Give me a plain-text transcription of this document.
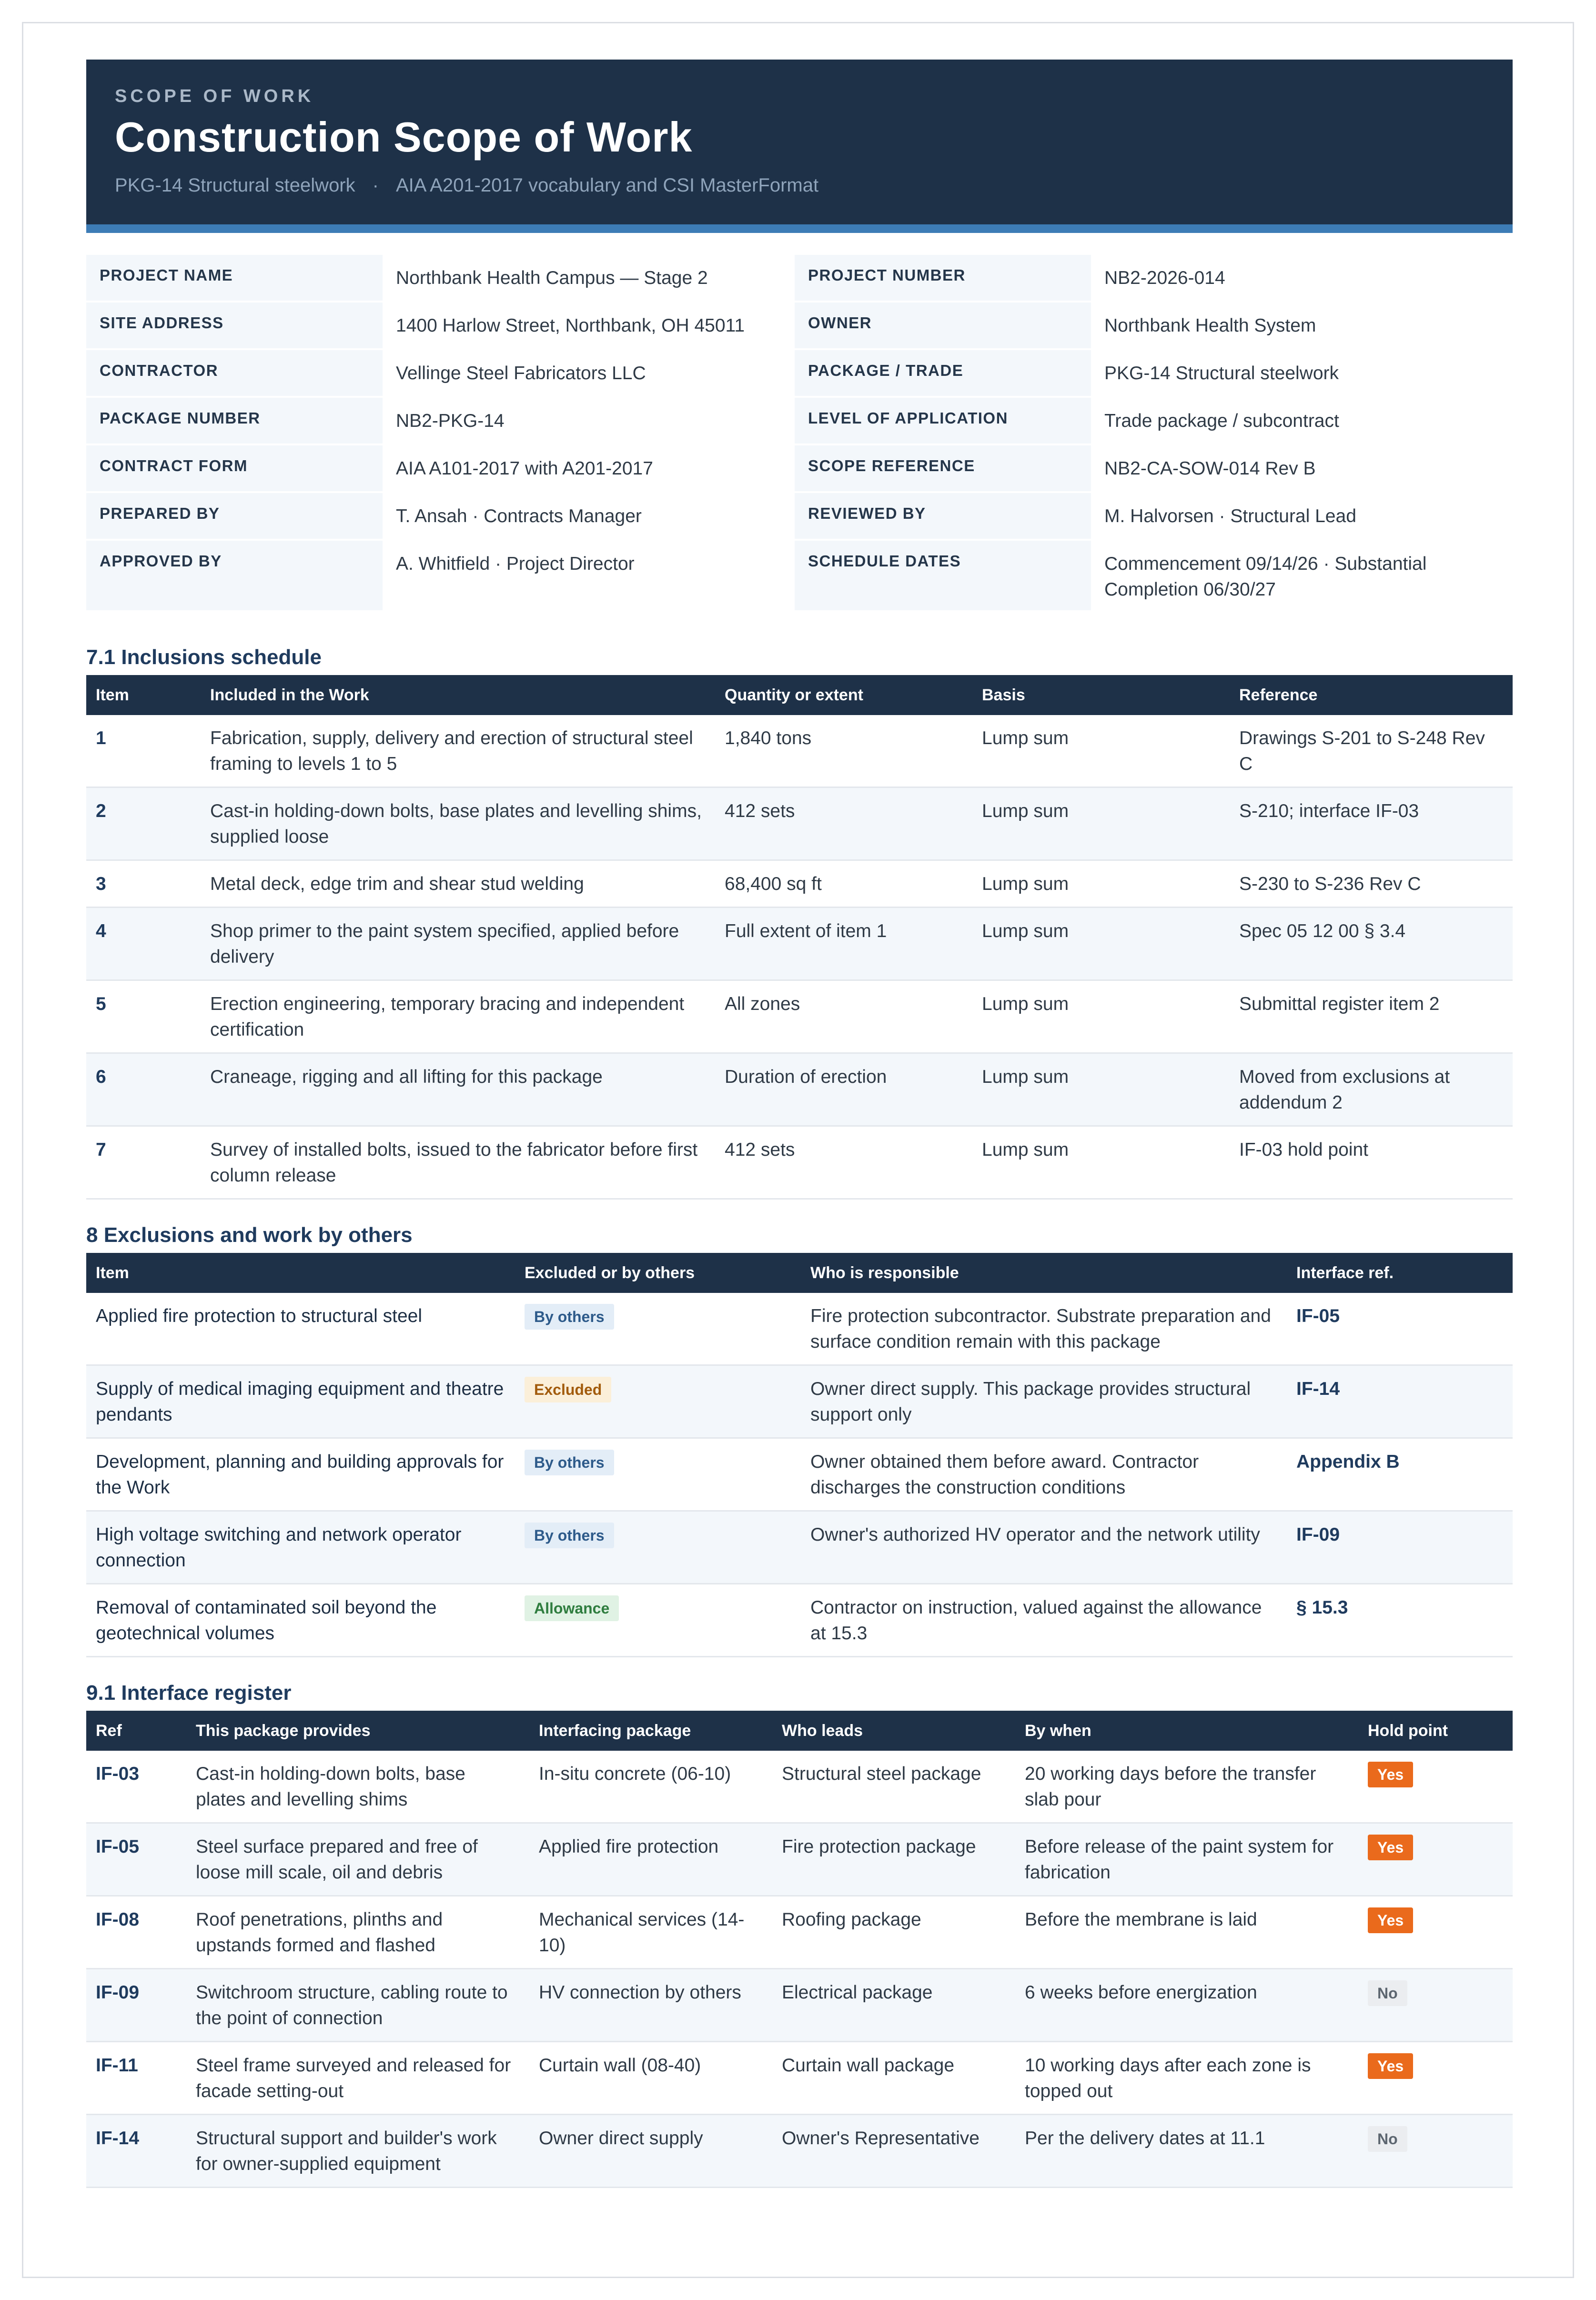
SCOPE OF WORK
Construction Scope of Work
PKG-14 Structural steelwork · AIA A201-2017 vocabulary and CSI MasterFormat
PROJECT NAME	Northbank Health Campus — Stage 2
SITE ADDRESS	1400 Harlow Street, Northbank, OH 45011
CONTRACTOR	Vellinge Steel Fabricators LLC
PACKAGE NUMBER	NB2-PKG-14
CONTRACT FORM	AIA A101-2017 with A201-2017
PREPARED BY	T. Ansah · Contracts Manager
APPROVED BY	A. Whitfield · Project Director
PROJECT NUMBER	NB2-2026-014
OWNER	Northbank Health System
PACKAGE / TRADE	PKG-14 Structural steelwork
LEVEL OF APPLICATION	Trade package / subcontract
SCOPE REFERENCE	NB2-CA-SOW-014 Rev B
REVIEWED BY	M. Halvorsen · Structural Lead
SCHEDULE DATES	Commencement 09/14/26 · Substantial Completion 06/30/27
7.1 Inclusions schedule
Item	Included in the Work	Quantity or extent	Basis	Reference
1	Fabrication, supply, delivery and erection of structural steel framing to levels 1 to 5	1,840 tons	Lump sum	Drawings S-201 to S-248 Rev C
2	Cast-in holding-down bolts, base plates and levelling shims, supplied loose	412 sets	Lump sum	S-210; interface IF-03
3	Metal deck, edge trim and shear stud welding	68,400 sq ft	Lump sum	S-230 to S-236 Rev C
4	Shop primer to the paint system specified, applied before delivery	Full extent of item 1	Lump sum	Spec 05 12 00 § 3.4
5	Erection engineering, temporary bracing and independent certification	All zones	Lump sum	Submittal register item 2
6	Craneage, rigging and all lifting for this package	Duration of erection	Lump sum	Moved from exclusions at addendum 2
7	Survey of installed bolts, issued to the fabricator before first column release	412 sets	Lump sum	IF-03 hold point
8 Exclusions and work by others
Item	Excluded or by others	Who is responsible	Interface ref.
Applied fire protection to structural steel	By others	Fire protection subcontractor. Substrate preparation and surface condition remain with this package	IF-05
Supply of medical imaging equipment and theatre pendants	Excluded	Owner direct supply. This package provides structural support only	IF-14
Development, planning and building approvals for the Work	By others	Owner obtained them before award. Contractor discharges the construction conditions	Appendix B
High voltage switching and network operator connection	By others	Owner's authorized HV operator and the network utility	IF-09
Removal of contaminated soil beyond the geotechnical volumes	Allowance	Contractor on instruction, valued against the allowance at 15.3	§ 15.3
9.1 Interface register
Ref	This package provides	Interfacing package	Who leads	By when	Hold point
IF-03	Cast-in holding-down bolts, base plates and levelling shims	In-situ concrete (06-10)	Structural steel package	20 working days before the transfer slab pour	Yes
IF-05	Steel surface prepared and free of loose mill scale, oil and debris	Applied fire protection	Fire protection package	Before release of the paint system for fabrication	Yes
IF-08	Roof penetrations, plinths and upstands formed and flashed	Mechanical services (14-10)	Roofing package	Before the membrane is laid	Yes
IF-09	Switchroom structure, cabling route to the point of connection	HV connection by others	Electrical package	6 weeks before energization	No
IF-11	Steel frame surveyed and released for facade setting-out	Curtain wall (08-40)	Curtain wall package	10 working days after each zone is topped out	Yes
IF-14	Structural support and builder's work for owner-supplied equipment	Owner direct supply	Owner's Representative	Per the delivery dates at 11.1	No
